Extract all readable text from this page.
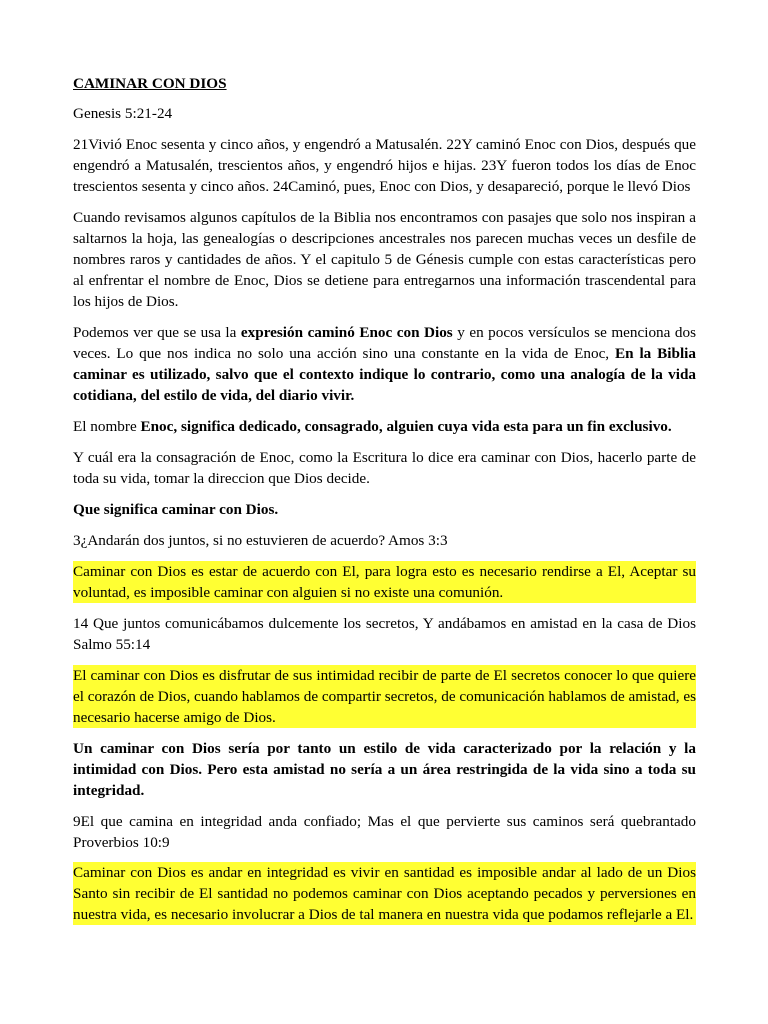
CAMINAR CON DIOS

Genesis 5:21-24

21Vivió Enoc sesenta y cinco años, y engendró a Matusalén. 22Y caminó Enoc con Dios, después que engendró a Matusalén, trescientos años, y engendró hijos e hijas. 23Y fueron todos los días de Enoc trescientos sesenta y cinco años. 24Caminó, pues, Enoc con Dios, y desapareció, porque le llevó Dios

Cuando revisamos algunos capítulos de la Biblia nos encontramos con pasajes que solo nos inspiran a saltarnos la hoja, las genealogías o descripciones ancestrales nos parecen muchas veces un desfile de nombres raros y cantidades de años. Y el capitulo 5 de Génesis cumple con estas características pero al enfrentar el nombre de Enoc, Dios se detiene para entregarnos una información trascendental para los hijos de Dios.

Podemos ver que se usa la expresión caminó Enoc con Dios y en pocos versículos se menciona dos veces. Lo que nos indica no solo una acción sino una constante en la vida de Enoc, En la Biblia caminar es utilizado, salvo que el contexto indique lo contrario, como una analogía de la vida cotidiana, del estilo de vida, del diario vivir.

El nombre Enoc, significa dedicado, consagrado, alguien cuya vida esta para un fin exclusivo.

Y cuál era la consagración de Enoc, como la Escritura lo dice era caminar con Dios, hacerlo parte de toda su vida, tomar la direccion que Dios decide.

Que significa caminar con Dios.

3¿Andarán dos juntos, si no estuvieren de acuerdo? Amos 3:3

Caminar con Dios es estar de acuerdo con El, para logra esto es necesario rendirse a El, Aceptar su voluntad, es imposible caminar con alguien si no existe una comunión.

14 Que juntos comunicábamos dulcemente los secretos, Y andábamos en amistad en la casa de Dios Salmo 55:14

El caminar con Dios es disfrutar de sus intimidad recibir de parte de El secretos conocer lo que quiere el corazón de Dios, cuando hablamos de compartir secretos, de comunicación hablamos de amistad, es necesario hacerse amigo de Dios.

Un caminar con Dios sería por tanto un estilo de vida caracterizado por la relación y la intimidad con Dios. Pero esta amistad no sería a un área restringida de la vida sino a toda su integridad.

9El que camina en integridad anda confiado; Mas el que pervierte sus caminos será quebrantado Proverbios 10:9

Caminar con Dios es andar en integridad es vivir en santidad es imposible andar al lado de un Dios Santo sin recibir de El santidad no podemos caminar con Dios aceptando pecados y perversiones en nuestra vida, es necesario involucrar a Dios de tal manera en nuestra vida que podamos reflejarle a El.
